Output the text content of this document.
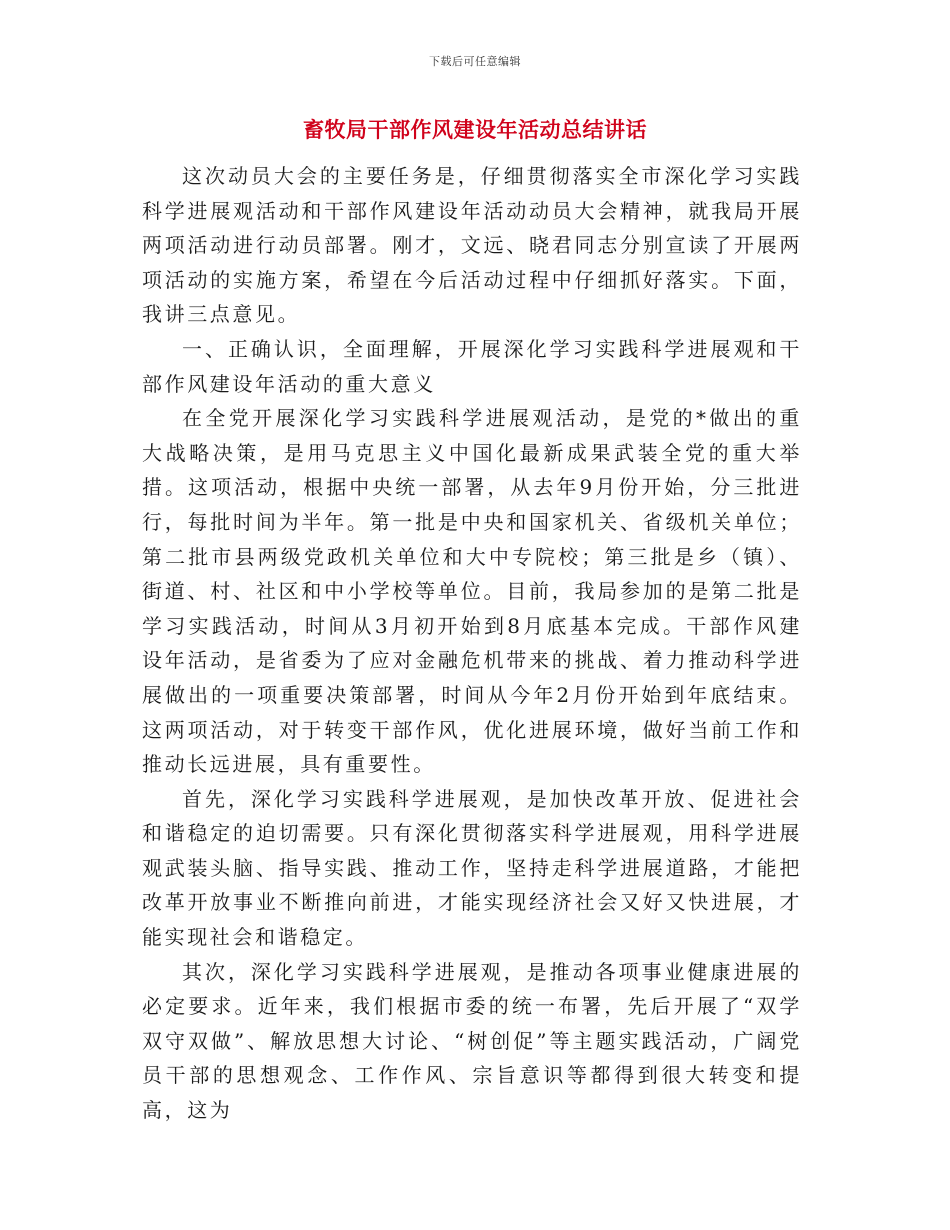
下载后可任意编辑
畜牧局干部作风建设年活动总结讲话

这次动员大会的主要任务是，仔细贯彻落实全市深化学习实践科学进展观活动和干部作风建设年活动动员大会精神，就我局开展两项活动进行动员部署。刚才，文远、晓君同志分别宣读了开展两项活动的实施方案，希望在今后活动过程中仔细抓好落实。下面，我讲三点意见。

一、正确认识，全面理解，开展深化学习实践科学进展观和干部作风建设年活动的重大意义

在全党开展深化学习实践科学进展观活动，是党的*做出的重大战略决策，是用马克思主义中国化最新成果武装全党的重大举措。这项活动，根据中央统一部署，从去年9月份开始，分三批进行，每批时间为半年。第一批是中央和国家机关、省级机关单位；第二批市县两级党政机关单位和大中专院校；第三批是乡（镇）、街道、村、社区和中小学校等单位。目前，我局参加的是第二批是学习实践活动，时间从3月初开始到8月底基本完成。干部作风建设年活动，是省委为了应对金融危机带来的挑战、着力推动科学进展做出的一项重要决策部署，时间从今年2月份开始到年底结束。这两项活动，对于转变干部作风，优化进展环境，做好当前工作和推动长远进展，具有重要性。

首先，深化学习实践科学进展观，是加快改革开放、促进社会和谐稳定的迫切需要。只有深化贯彻落实科学进展观，用科学进展观武装头脑、指导实践、推动工作，坚持走科学进展道路，才能把改革开放事业不断推向前进，才能实现经济社会又好又快进展，才能实现社会和谐稳定。

其次，深化学习实践科学进展观，是推动各项事业健康进展的必定要求。近年来，我们根据市委的统一布署，先后开展了“双学双守双做”、解放思想大讨论、“树创促”等主题实践活动，广阔党员干部的思想观念、工作作风、宗旨意识等都得到很大转变和提高，这为
